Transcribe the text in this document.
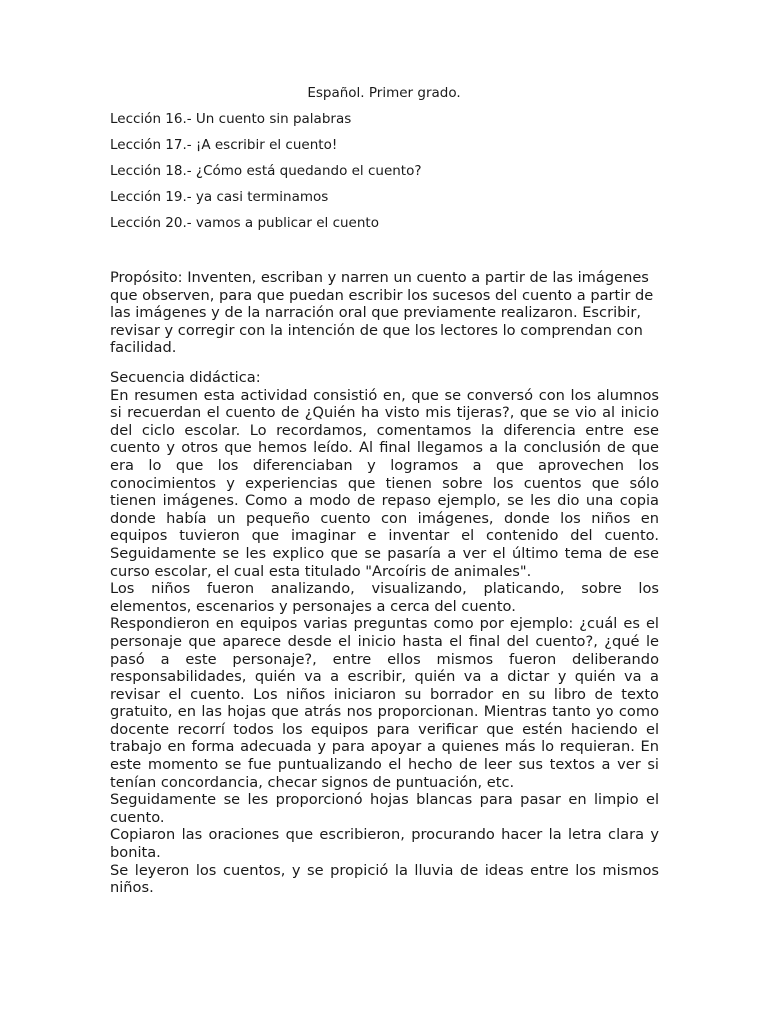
Español. Primer grado.
Lección 16.- Un cuento sin palabras
Lección 17.- ¡A escribir el cuento!
Lección 18.- ¿Cómo está quedando el cuento?
Lección 19.- ya casi terminamos
Lección 20.- vamos a publicar el cuento
Propósito: Inventen, escriban y narren un cuento a partir de las imágenes que observen, para que puedan escribir los sucesos del cuento a partir de las imágenes y de la narración oral que previamente realizaron. Escribir, revisar y corregir con la intención de que los lectores lo comprendan con facilidad.
Secuencia didáctica:

En resumen esta actividad consistió en, que se conversó con los alumnos si recuerdan el cuento de ¿Quién ha visto mis tijeras?, que se vio al inicio del ciclo escolar. Lo recordamos, comentamos la diferencia entre ese cuento y otros que hemos leído. Al final llegamos a la conclusión de que era lo que los diferenciaban y logramos a que aprovechen los conocimientos y experiencias que tienen sobre los cuentos que sólo tienen imágenes. Como a modo de repaso ejemplo, se les dio una copia donde había un pequeño cuento con imágenes, donde los niños en equipos tuvieron que imaginar e inventar el contenido del cuento. Seguidamente se les explico que se pasaría a ver el último tema de ese curso escolar, el cual esta titulado "Arcoíris de animales".

Los niños fueron analizando, visualizando, platicando, sobre los elementos, escenarios y personajes a cerca del cuento.

Respondieron en equipos varias preguntas como por ejemplo: ¿cuál es el personaje que aparece desde el inicio hasta el final del cuento?, ¿qué le pasó a este personaje?, entre ellos mismos fueron deliberando responsabilidades, quién va a escribir, quién va a dictar y quién va a revisar el cuento. Los niños iniciaron su borrador en su libro de texto gratuito, en las hojas que atrás nos proporcionan. Mientras tanto yo como docente recorrí todos los equipos para verificar que estén haciendo el trabajo en forma adecuada y para apoyar a quienes más lo requieran. En este momento se fue puntualizando el hecho de leer sus textos a ver si tenían concordancia, checar signos de puntuación, etc.

Seguidamente se les proporcionó hojas blancas para pasar en limpio el cuento.

Copiaron las oraciones que escribieron, procurando hacer la letra clara y bonita.

Se leyeron los cuentos, y se propició la lluvia de ideas entre los mismos niños.
